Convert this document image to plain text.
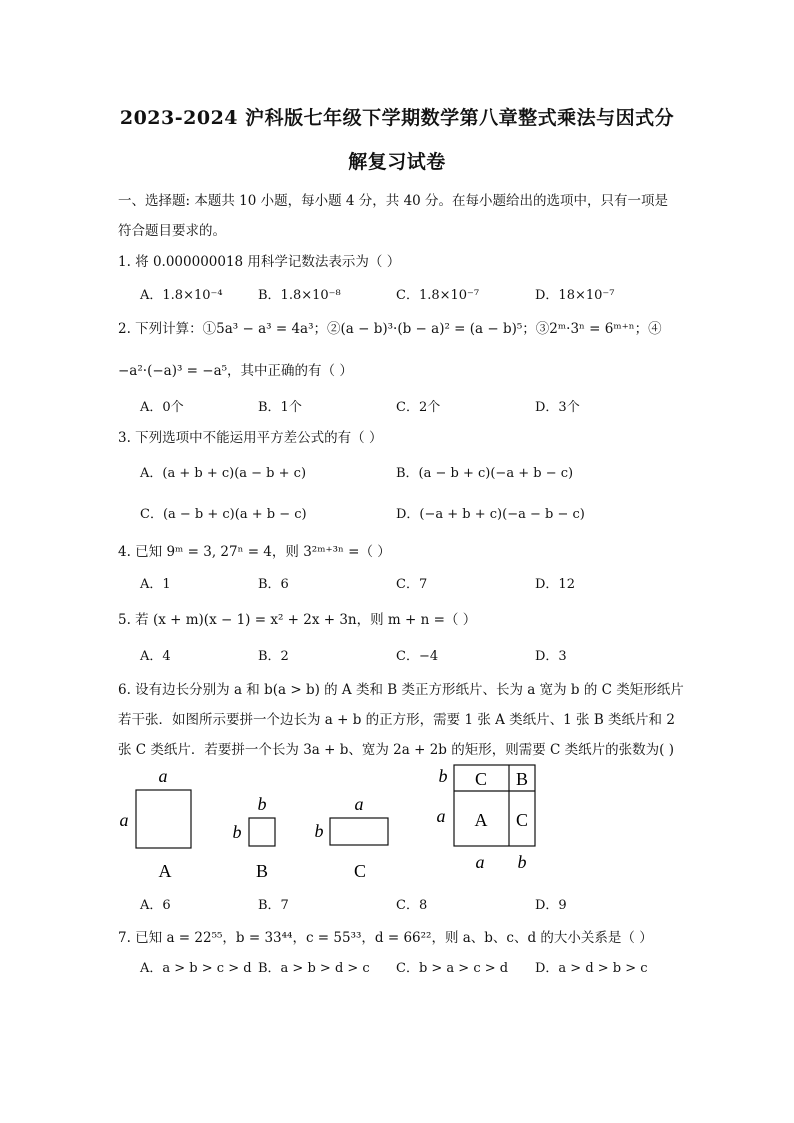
2023-2024 沪科版七年级下学期数学第八章整式乘法与因式分
解复习试卷
一、选择题: 本题共 10 小题，每小题 4 分，共 40 分。在每小题给出的选项中，只有一项是
符合题目要求的。
1. 将 0.000000018 用科学记数法表示为（ ）
A．1.8×10⁻⁴	B．1.8×10⁻⁸	C．1.8×10⁻⁷	D．18×10⁻⁷
2. 下列计算：①5a³ − a³ = 4a³；②(a − b)³·(b − a)² = (a − b)⁵；③2ᵐ·3ⁿ = 6ᵐ⁺ⁿ；④
−a²·(−a)³ = −a⁵，其中正确的有（ ）
A．0个	B．1个	C．2个	D．3个
3. 下列选项中不能运用平方差公式的有（ ）
A．(a + b + c)(a − b + c)	B．(a − b + c)(−a + b − c)
C．(a − b + c)(a + b − c)	D．(−a + b + c)(−a − b − c)
4. 已知 9ᵐ = 3, 27ⁿ = 4，则 3²ᵐ⁺³ⁿ =（ ）
A．1	B．6	C．7	D．12
5. 若 (x + m)(x − 1) = x² + 2x + 3n，则 m + n =（ ）
A．4	B．2	C．−4	D．3
6. 设有边长分别为 a 和 b(a > b) 的 A 类和 B 类正方形纸片、长为 a 宽为 b 的 C 类矩形纸片
若干张．如图所示要拼一个边长为 a + b 的正方形，需要 1 张 A 类纸片、1 张 B 类纸片和 2
张 C 类纸片．若要拼一个长为 3a + b、宽为 2a + 2b 的矩形，则需要 C 类纸片的张数为( )
a
a
A
b
b
B
a
b
C
C B
A C
b
a
a b
A．6	B．7	C．8	D．9
7. 已知 a = 22⁵⁵，b = 33⁴⁴，c = 55³³，d = 66²²，则 a、b、c、d 的大小关系是（ ）
A．a > b > c > d B．a > b > d > c C．b > a > c > d D．a > d > b > c
